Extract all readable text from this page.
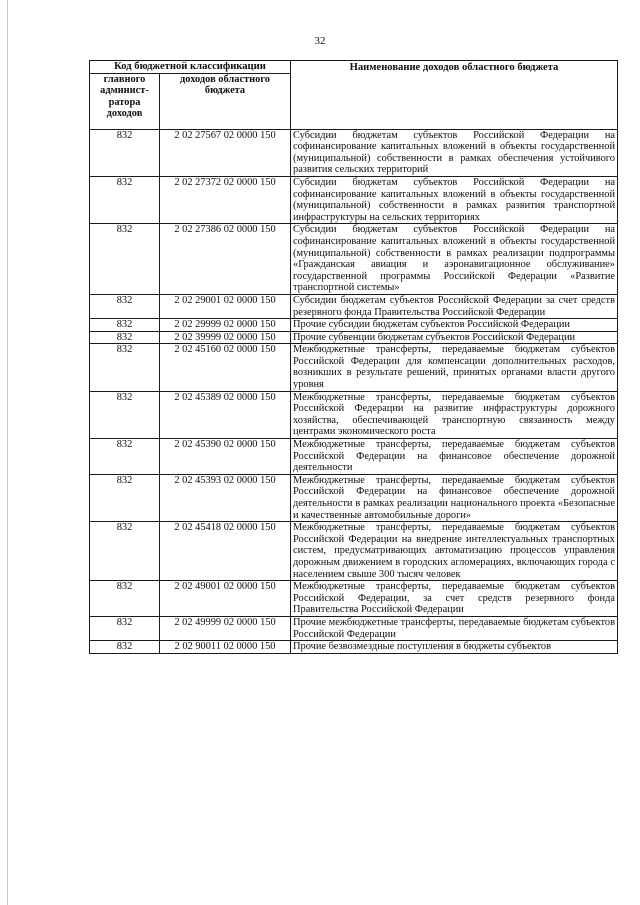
32
Код бюджетной классификации		Наименование доходов областного бюджета
главного админист-ратора доходов	доходов областного бюджета	
832	2 02 27567 02 0000 150	Субсидии бюджетам субъектов Российской Федерации на софинансирование капитальных вложений в объекты государственной (муниципальной) собственности в рамках обеспечения устойчивого развития сельских территорий
832	2 02 27372 02 0000 150	Субсидии бюджетам субъектов Российской Федерации на софинансирование капитальных вложений в объекты государственной (муниципальной) собственности в рамках развития транспортной инфраструктуры на сельских территориях
832	2 02 27386 02 0000 150	Субсидии бюджетам субъектов Российской Федерации на софинансирование капитальных вложений в объекты государственной (муниципальной) собственности в рамках реализации подпрограммы «Гражданская авиация и аэронавигационное обслуживание» государственной программы Российской Федерации «Развитие транспортной системы»
832	2 02 29001 02 0000 150	Субсидии бюджетам субъектов Российской Федерации за счет средств резервного фонда Правительства Российской Федерации
832	2 02 29999 02 0000 150	Прочие субсидии бюджетам субъектов Российской Федерации
832	2 02 39999 02 0000 150	Прочие субвенции бюджетам субъектов Российской Федерации
832	2 02 45160 02 0000 150	Межбюджетные трансферты, передаваемые бюджетам субъектов Российской Федерации для компенсации дополнительных расходов, возникших в результате решений, принятых органами власти другого уровня
832	2 02 45389 02 0000 150	Межбюджетные трансферты, передаваемые бюджетам субъектов Российской Федерации на развитие инфраструктуры дорожного хозяйства, обеспечивающей транспортную связанность между центрами экономического роста
832	2 02 45390 02 0000 150	Межбюджетные трансферты, передаваемые бюджетам субъектов Российской Федерации на финансовое обеспечение дорожной деятельности
832	2 02 45393 02 0000 150	Межбюджетные трансферты, передаваемые бюджетам субъектов Российской Федерации на финансовое обеспечение дорожной деятельности в рамках реализации национального проекта «Безопасные и качественные автомобильные дороги»
832	2 02 45418 02 0000 150	Межбюджетные трансферты, передаваемые бюджетам субъектов Российской Федерации на внедрение интеллектуальных транспортных систем, предусматривающих автоматизацию процессов управления дорожным движением в городских агломерациях, включающих города с населением свыше 300 тысяч человек
832	2 02 49001 02 0000 150	Межбюджетные трансферты, передаваемые бюджетам субъектов Российской Федерации, за счет средств резервного фонда Правительства Российской Федерации
832	2 02 49999 02 0000 150	Прочие межбюджетные трансферты, передаваемые бюджетам субъектов Российской Федерации
832	2 02 90011 02 0000 150	Прочие безвозмездные поступления в бюджеты субъектов
